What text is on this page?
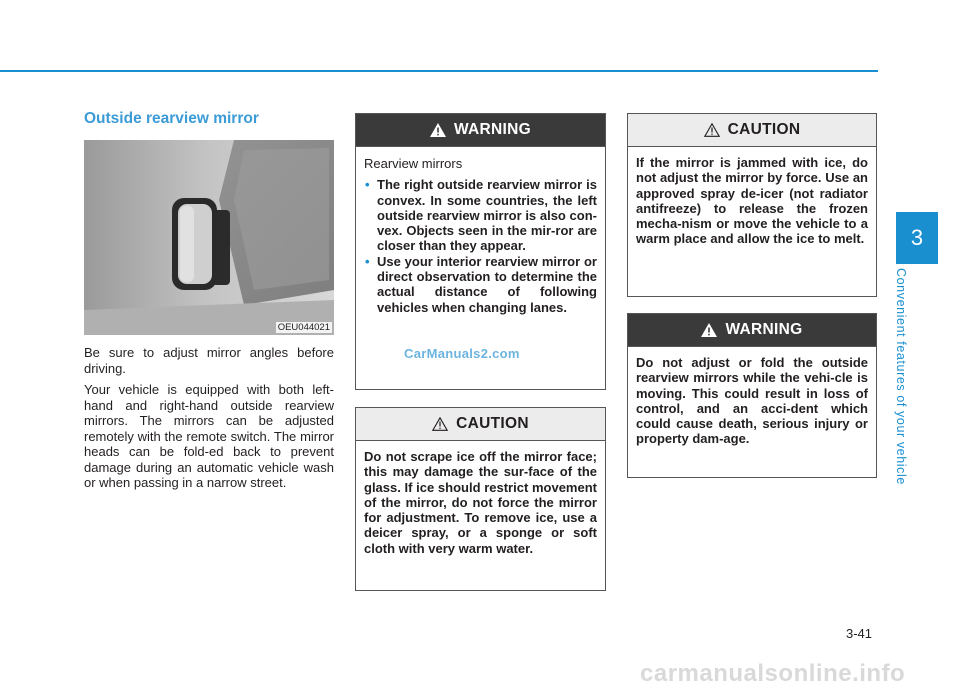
Outside rearview mirror
OEU044021

Be sure to adjust mirror angles before driving.

Your vehicle is equipped with both left-hand and right-hand outside rearview mirrors. The mirrors can be adjusted remotely with the remote switch. The mirror heads can be fold-ed back to prevent damage during an automatic vehicle wash or when passing in a narrow street.

WARNING

Rearview mirrors

• The right outside rearview mirror is convex. In some countries, the left outside rearview mirror is also con-vex. Objects seen in the mir-ror are closer than they appear.

• Use your interior rearview mirror or direct observation to determine the actual distance of following vehicles when changing lanes.

CAUTION

Do not scrape ice off the mirror face; this may damage the sur-face of the glass. If ice should restrict movement of the mirror, do not force the mirror for adjustment. To remove ice, use a deicer spray, or a sponge or soft cloth with very warm water.

CAUTION

If the mirror is jammed with ice, do not adjust the mirror by force. Use an approved spray de-icer (not radiator antifreeze) to release the frozen mecha-nism or move the vehicle to a warm place and allow the ice to melt.

WARNING

Do not adjust or fold the outside rearview mirrors while the vehi-cle is moving. This could result in loss of control, and an acci-dent which could cause death, serious injury or property dam-age.

3
Convenient features of your vehicle
CarManuals2.com
3-41
carmanualsonline.info
